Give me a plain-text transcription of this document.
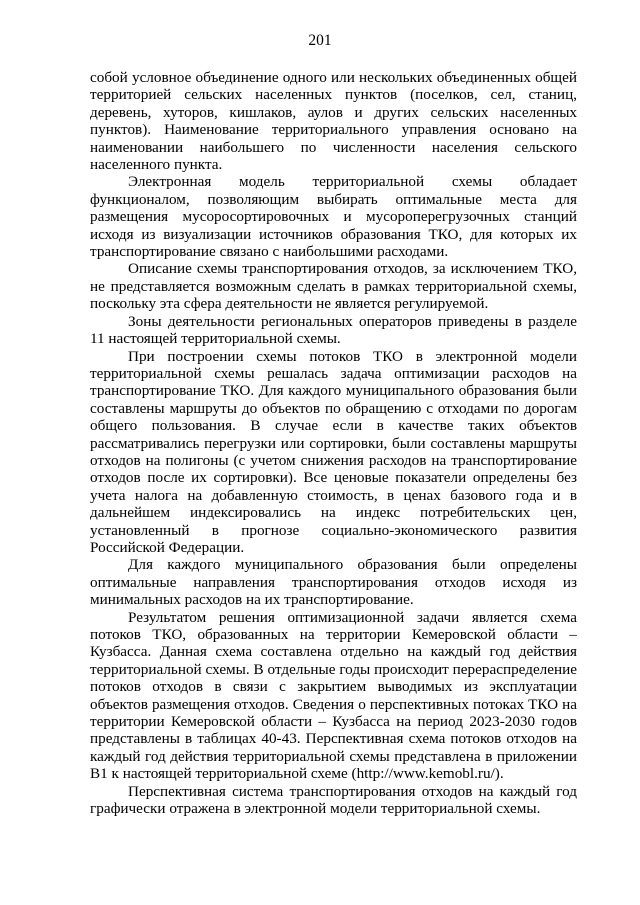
201

собой условное объединение одного или нескольких объединенных общей территорией сельских населенных пунктов (поселков, сел, станиц, деревень, хуторов, кишлаков, аулов и других сельских населенных пунктов). Наименование территориального управления основано на наименовании наибольшего по численности населения сельского населенного пункта.

Электронная модель территориальной схемы обладает функционалом, позволяющим выбирать оптимальные места для размещения мусоросортировочных и мусороперегрузочных станций исходя из визуализации источников образования ТКО, для которых их транспортирование связано с наибольшими расходами.

Описание схемы транспортирования отходов, за исключением ТКО, не представляется возможным сделать в рамках территориальной схемы, поскольку эта сфера деятельности не является регулируемой.

Зоны деятельности региональных операторов приведены в разделе 11 настоящей территориальной схемы.

При построении схемы потоков ТКО в электронной модели территориальной схемы решалась задача оптимизации расходов на транспортирование ТКО. Для каждого муниципального образования были составлены маршруты до объектов по обращению с отходами по дорогам общего пользования. В случае если в качестве таких объектов рассматривались перегрузки или сортировки, были составлены маршруты отходов на полигоны (с учетом снижения расходов на транспортирование отходов после их сортировки). Все ценовые показатели определены без учета налога на добавленную стоимость, в ценах базового года и в дальнейшем индексировались на индекс потребительских цен, установленный в прогнозе социально-экономического развития Российской Федерации.

Для каждого муниципального образования были определены оптимальные направления транспортирования отходов исходя из минимальных расходов на их транспортирование.

Результатом решения оптимизационной задачи является схема потоков ТКО, образованных на территории Кемеровской области – Кузбасса. Данная схема составлена отдельно на каждый год действия территориальной схемы. В отдельные годы происходит перераспределение потоков отходов в связи с закрытием выводимых из эксплуатации объектов размещения отходов. Сведения о перспективных потоках ТКО на территории Кемеровской области – Кузбасса на период 2023-2030 годов представлены в таблицах 40-43. Перспективная схема потоков отходов на каждый год действия территориальной схемы представлена в приложении В1 к настоящей территориальной схеме (http://www.kemobl.ru/).

Перспективная система транспортирования отходов на каждый год графически отражена в электронной модели территориальной схемы.
